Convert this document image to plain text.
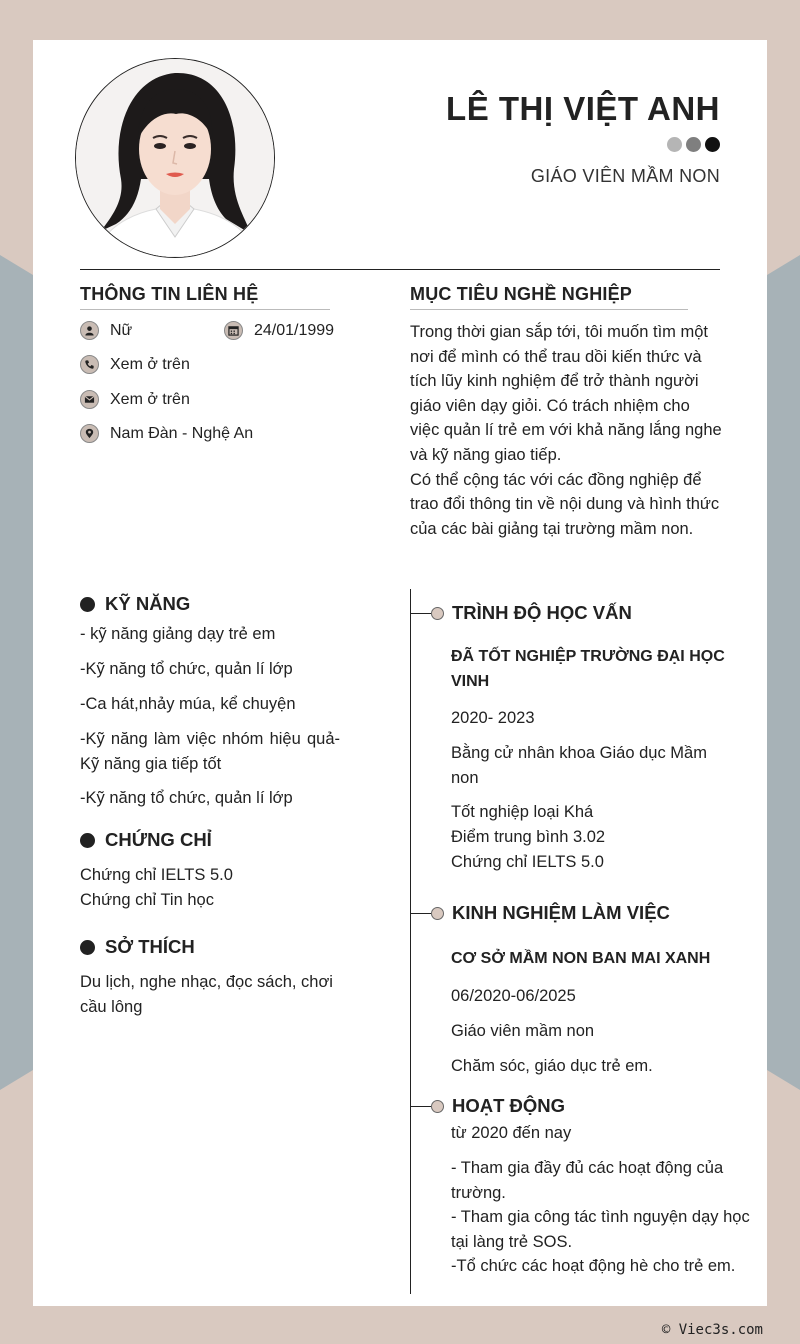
LÊ THỊ VIỆT ANH
GIÁO VIÊN MẦM NON
THÔNG TIN LIÊN HỆ
Nữ	24/01/1999
Xem ở trên
Xem ở trên
Nam Đàn - Nghệ An
MỤC TIÊU NGHỀ NGHIỆP

Trong thời gian sắp tới, tôi muốn tìm một nơi để mình có thể trau dồi kiến thức và tích lũy kinh nghiệm để trở thành người giáo viên dạy giỏi. Có trách nhiệm cho việc quản lí trẻ em với khả năng lắng nghe và kỹ năng giao tiếp.

Có thể cộng tác với các đồng nghiệp để trao đổi thông tin về nội dung và hình thức của các bài giảng tại trường mầm non.

KỸ NĂNG
- kỹ năng giảng dạy trẻ em
-Kỹ năng tổ chức, quản lí lớp
-Ca hát,nhảy múa, kể chuyện
-Kỹ năng làm việc nhóm hiệu quả-Kỹ năng gia tiếp tốt
-Kỹ năng tổ chức, quản lí lớp
CHỨNG CHỈ
Chứng chỉ IELTS 5.0
Chứng chỉ Tin học
SỞ THÍCH
Du lịch, nghe nhạc, đọc sách, chơi cầu lông
TRÌNH ĐỘ HỌC VẤN
ĐÃ TỐT NGHIỆP TRƯỜNG ĐẠI HỌC VINH
2020- 2023
Bằng cử nhân khoa Giáo dục Mầm non
Tốt nghiệp loại Khá
Điểm trung bình 3.02
Chứng chỉ IELTS 5.0
KINH NGHIỆM LÀM VIỆC
CƠ SỞ MẦM NON BAN MAI XANH
06/2020-06/2025
Giáo viên mầm non
Chăm sóc, giáo dục trẻ em.
HOẠT ĐỘNG
từ 2020 đến nay
- Tham gia đầy đủ các hoạt động của trường.
- Tham gia công tác tình nguyện dạy học tại làng trẻ SOS.
-Tổ chức các hoạt động hè cho trẻ em.
© Viec3s.com
